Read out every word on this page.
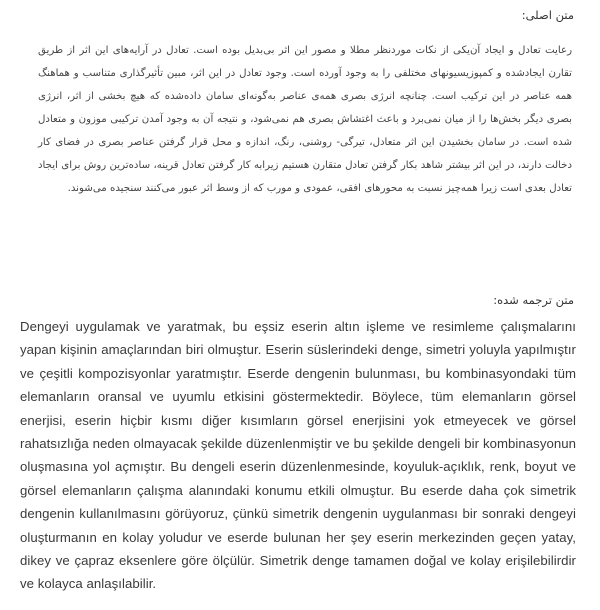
متن اصلی:

رعایت تعادل و ایجاد آن‌یکی از نکات موردنظر مطلا و مصور این اثر بی‌بدیل بوده است. تعادل در آرایه‌های این اثر از طریق تقارن ایجادشده و کمپوزیسیونهای مختلفی را به وجود آورده است. وجود تعادل در این اثر، مبین تأثیرگذاری متناسب و هماهنگ همه عناصر در این ترکیب است. چنانچه انرژی بصری همه‌ی عناصر به‌گونه‌ای سامان داده‌شده که هیچ بخشی از اثر، انرژی بصری دیگر بخش‌ها را از میان نمی‌برد و باعث اغتشاش بصری هم نمی‌شود، و نتیجه آن به وجود آمدن ترکیبی موزون و متعادل شده است. در سامان بخشیدن این اثر متعادل، تیرگی- روشنی، رنگ، اندازه و محل قرار گرفتن عناصر بصری در فضای کار دخالت دارند، در این اثر بیشتر شاهد بکار گرفتن تعادل متقارن هستیم زیرابه کار گرفتن تعادل قرینه، ساده‌ترین روش برای ایجاد تعادل بعدی است زیرا همه‌چیز نسبت به محورهای افقی، عمودی و مورب که از وسط اثر عبور می‌کنند سنجیده می‌شوند.

متن ترجمه شده:

Dengeyi uygulamak ve yaratmak, bu eşsiz eserin altın işleme ve resimleme çalışmalarını yapan kişinin amaçlarından biri olmuştur. Eserin süslerindeki denge, simetri yoluyla yapılmıştır ve çeşitli kompozisyonlar yaratmıştır. Eserde dengenin bulunması, bu kombinasyondaki tüm elemanların oransal ve uyumlu etkisini göstermektedir. Böylece, tüm elemanların görsel enerjisi, eserin hiçbir kısmı diğer kısımların görsel enerjisini yok etmeyecek ve görsel rahatsızlığa neden olmayacak şekilde düzenlenmiştir ve bu şekilde dengeli bir kombinasyonun oluşmasına yol açmıştır. Bu dengeli eserin düzenlenmesinde, koyuluk-açıklık, renk, boyut ve görsel elemanların çalışma alanındaki konumu etkili olmuştur. Bu eserde daha çok simetrik dengenin kullanılmasını görüyoruz, çünkü simetrik dengenin uygulanması bir sonraki dengeyi oluşturmanın en kolay yoludur ve eserde bulunan her şey eserin merkezinden geçen yatay, dikey ve çapraz eksenlere göre ölçülür. Simetrik denge tamamen doğal ve kolay erişilebilirdir ve kolayca anlaşılabilir.
